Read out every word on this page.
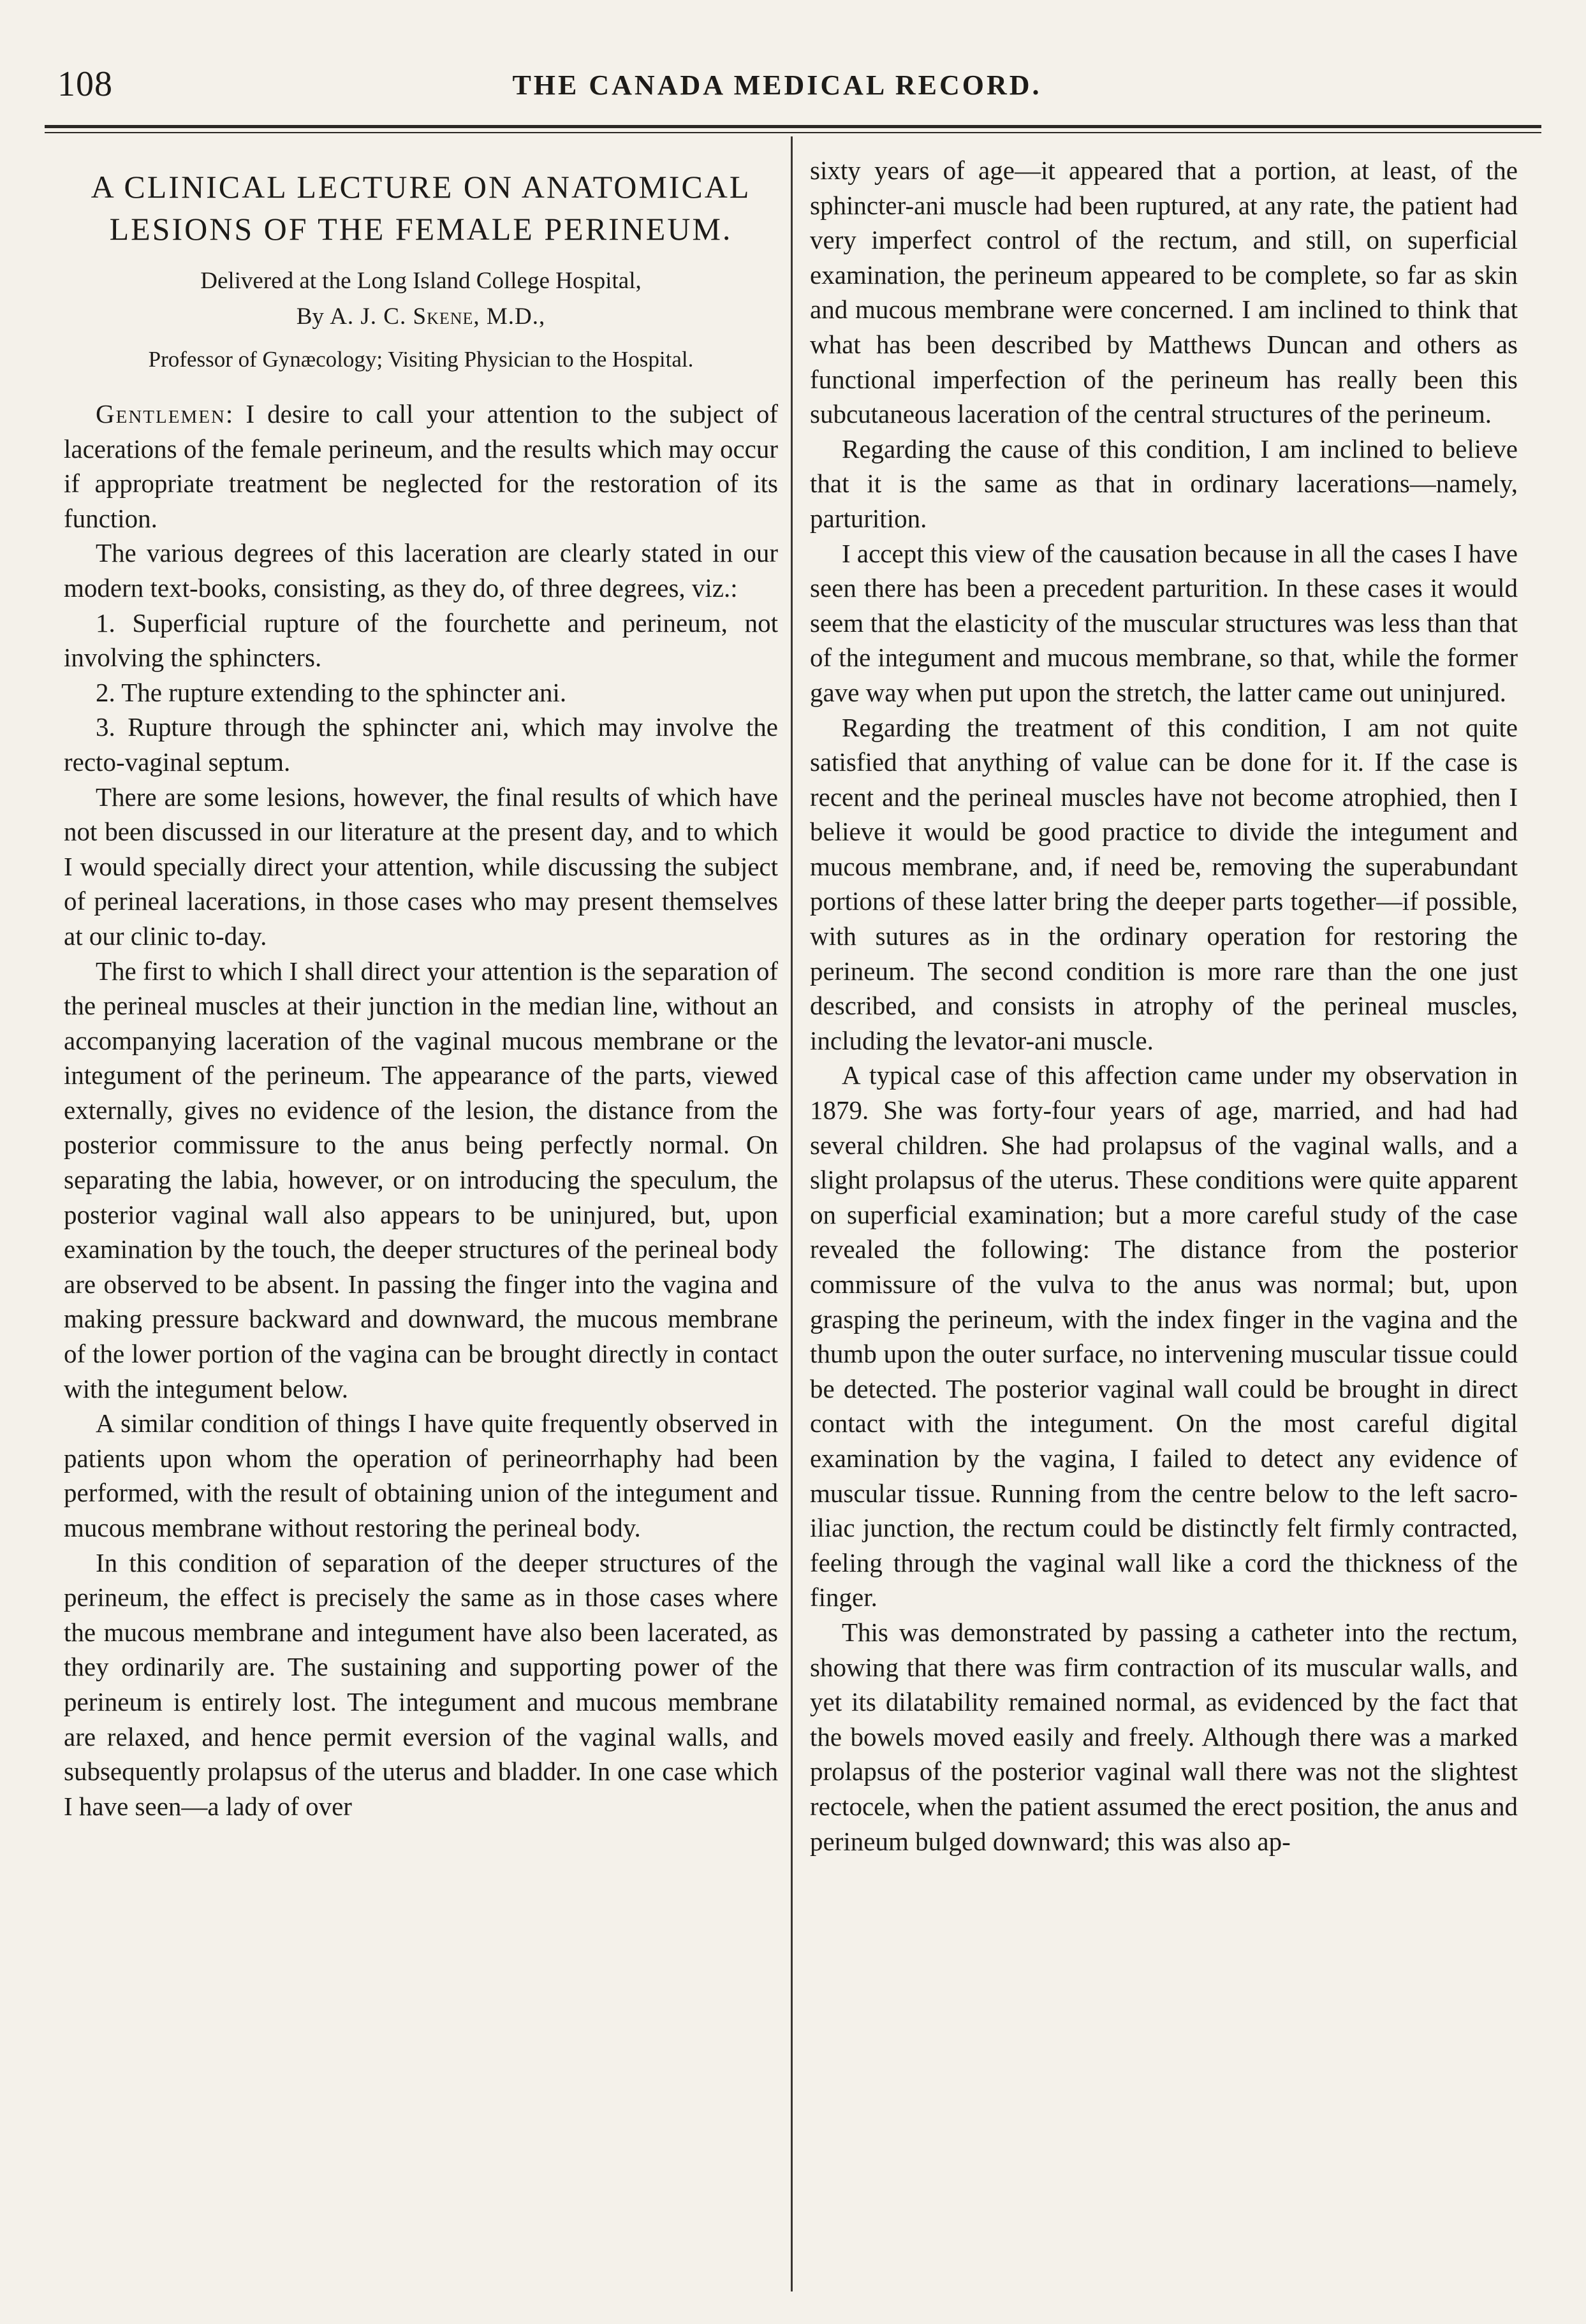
108	THE CANADA MEDICAL RECORD.
A CLINICAL LECTURE ON ANATOMICAL LESIONS OF THE FEMALE PERINEUM.
Delivered at the Long Island College Hospital,
By A. J. C. Skene, M.D.,
Professor of Gynæcology; Visiting Physician to the Hospital.

Gentlemen: I desire to call your attention to the subject of lacerations of the female perineum, and the results which may occur if appropriate treatment be neglected for the restoration of its function.

The various degrees of this laceration are clearly stated in our modern text-books, consisting, as they do, of three degrees, viz.:

1. Superficial rupture of the fourchette and perineum, not involving the sphincters.

2. The rupture extending to the sphincter ani.

3. Rupture through the sphincter ani, which may involve the recto-vaginal septum.

There are some lesions, however, the final results of which have not been discussed in our literature at the present day, and to which I would specially direct your attention, while discussing the subject of perineal lacerations, in those cases who may present themselves at our clinic to-day.

The first to which I shall direct your attention is the separation of the perineal muscles at their junction in the median line, without an accompanying laceration of the vaginal mucous membrane or the integument of the perineum. The appearance of the parts, viewed externally, gives no evidence of the lesion, the distance from the posterior commissure to the anus being perfectly normal. On separating the labia, however, or on introducing the speculum, the posterior vaginal wall also appears to be uninjured, but, upon examination by the touch, the deeper structures of the perineal body are observed to be absent. In passing the finger into the vagina and making pressure backward and downward, the mucous membrane of the lower portion of the vagina can be brought directly in contact with the integument below.

A similar condition of things I have quite frequently observed in patients upon whom the operation of perineorrhaphy had been performed, with the result of obtaining union of the integument and mucous membrane without restoring the perineal body.

In this condition of separation of the deeper structures of the perineum, the effect is precisely the same as in those cases where the mucous membrane and integument have also been lacerated, as they ordinarily are. The sustaining and supporting power of the perineum is entirely lost. The integument and mucous membrane are relaxed, and hence permit eversion of the vaginal walls, and subsequently prolapsus of the uterus and bladder. In one case which I have seen—a lady of over

sixty years of age—it appeared that a portion, at least, of the sphincter-ani muscle had been ruptured, at any rate, the patient had very imperfect control of the rectum, and still, on superficial examination, the perineum appeared to be complete, so far as skin and mucous membrane were concerned. I am inclined to think that what has been described by Matthews Duncan and others as functional imperfection of the perineum has really been this subcutaneous laceration of the central structures of the perineum.

Regarding the cause of this condition, I am inclined to believe that it is the same as that in ordinary lacerations—namely, parturition.

I accept this view of the causation because in all the cases I have seen there has been a precedent parturition. In these cases it would seem that the elasticity of the muscular structures was less than that of the integument and mucous membrane, so that, while the former gave way when put upon the stretch, the latter came out uninjured.

Regarding the treatment of this condition, I am not quite satisfied that anything of value can be done for it. If the case is recent and the perineal muscles have not become atrophied, then I believe it would be good practice to divide the integument and mucous membrane, and, if need be, removing the superabundant portions of these latter bring the deeper parts together—if possible, with sutures as in the ordinary operation for restoring the perineum. The second condition is more rare than the one just described, and consists in atrophy of the perineal muscles, including the levator-ani muscle.

A typical case of this affection came under my observation in 1879. She was forty-four years of age, married, and had had several children. She had prolapsus of the vaginal walls, and a slight prolapsus of the uterus. These conditions were quite apparent on superficial examination; but a more careful study of the case revealed the following: The distance from the posterior commissure of the vulva to the anus was normal; but, upon grasping the perineum, with the index finger in the vagina and the thumb upon the outer surface, no intervening muscular tissue could be detected. The posterior vaginal wall could be brought in direct contact with the integument. On the most careful digital examination by the vagina, I failed to detect any evidence of muscular tissue. Running from the centre below to the left sacro-iliac junction, the rectum could be distinctly felt firmly contracted, feeling through the vaginal wall like a cord the thickness of the finger.

This was demonstrated by passing a catheter into the rectum, showing that there was firm contraction of its muscular walls, and yet its dilatability remained normal, as evidenced by the fact that the bowels moved easily and freely. Although there was a marked prolapsus of the posterior vaginal wall there was not the slightest rectocele, when the patient assumed the erect position, the anus and perineum bulged downward; this was also ap-
